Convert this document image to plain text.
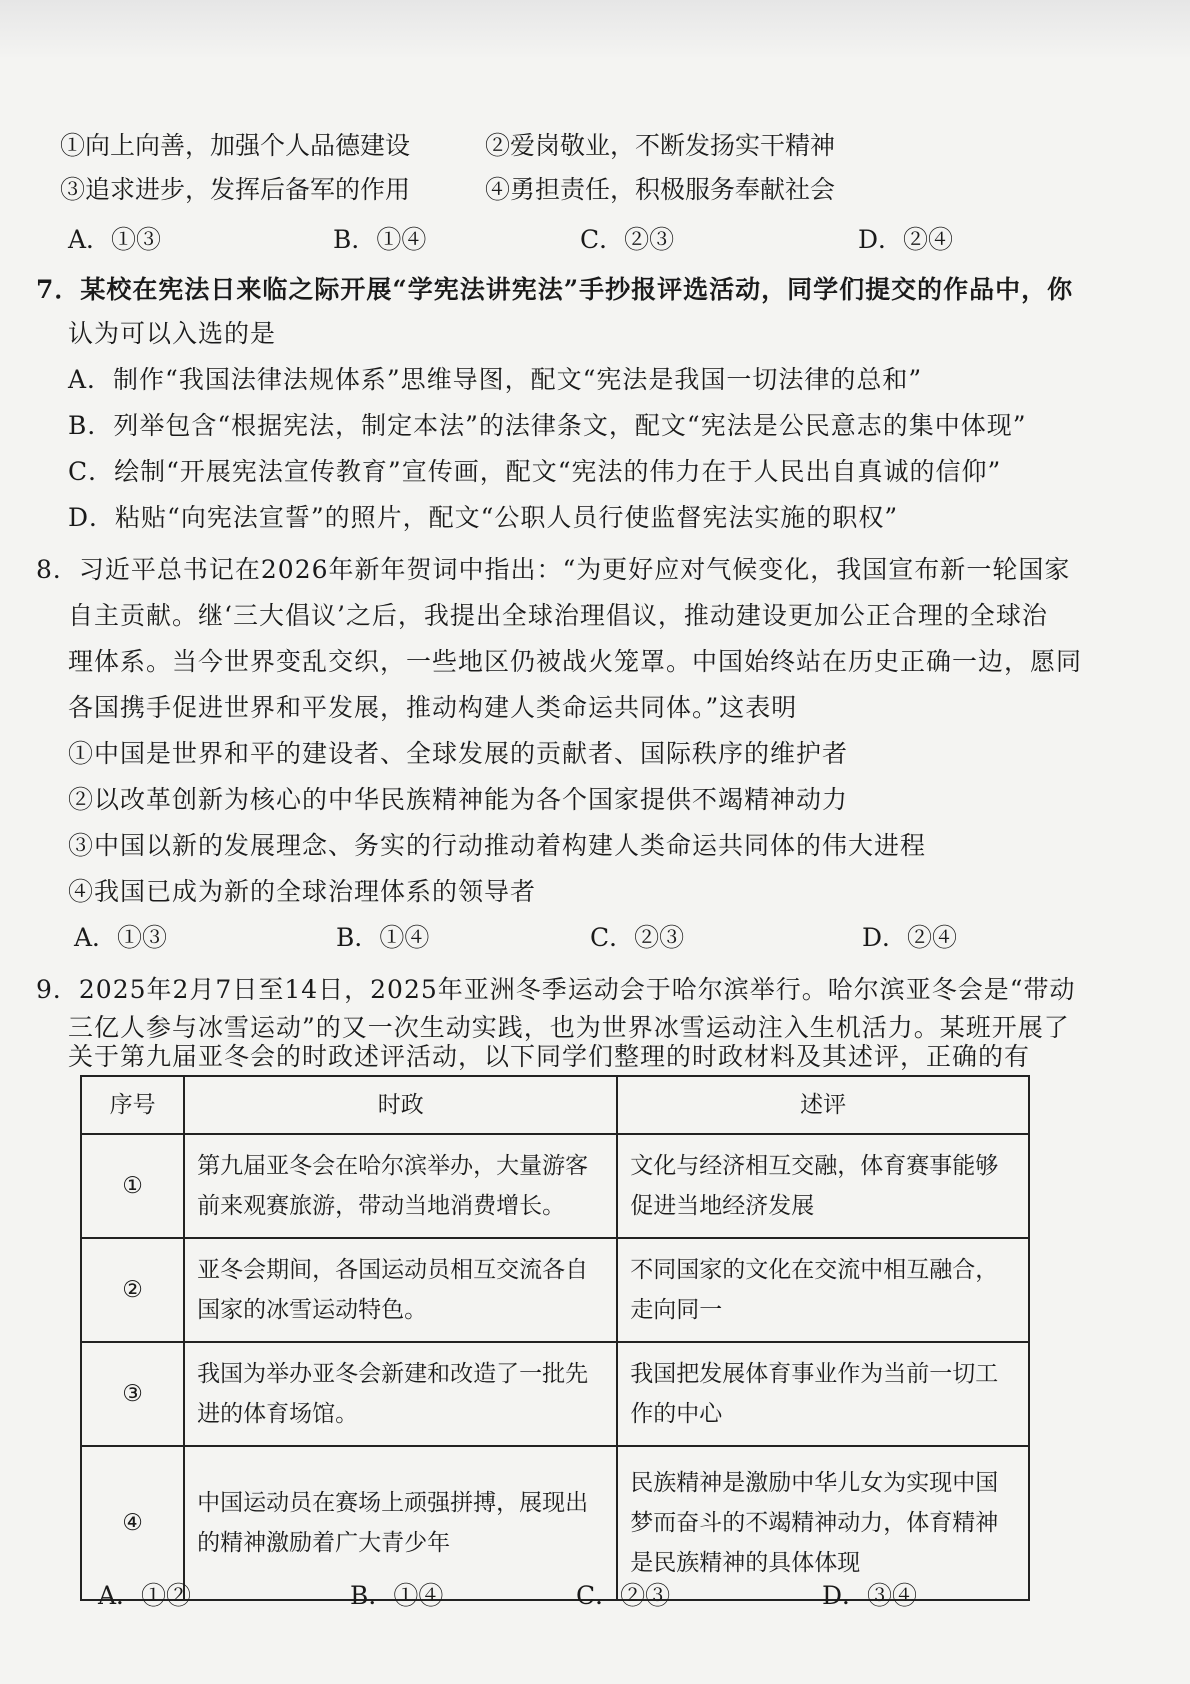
①向上向善，加强个人品德建设	②爱岗敬业，不断发扬实干精神
③追求进步，发挥后备军的作用	④勇担责任，积极服务奉献社会
A．①③	B．①④	C．②③	D．②④
7．某校在宪法日来临之际开展“学宪法讲宪法”手抄报评选活动，同学们提交的作品中，你
认为可以入选的是
A．制作“我国法律法规体系”思维导图，配文“宪法是我国一切法律的总和”
B．列举包含“根据宪法，制定本法”的法律条文，配文“宪法是公民意志的集中体现”
C．绘制“开展宪法宣传教育”宣传画，配文“宪法的伟力在于人民出自真诚的信仰”
D．粘贴“向宪法宣誓”的照片，配文“公职人员行使监督宪法实施的职权”
8．习近平总书记在2026年新年贺词中指出：“为更好应对气候变化，我国宣布新一轮国家
自主贡献。继‘三大倡议’之后，我提出全球治理倡议，推动建设更加公正合理的全球治
理体系。当今世界变乱交织，一些地区仍被战火笼罩。中国始终站在历史正确一边，愿同
各国携手促进世界和平发展，推动构建人类命运共同体。”这表明
①中国是世界和平的建设者、全球发展的贡献者、国际秩序的维护者
②以改革创新为核心的中华民族精神能为各个国家提供不竭精神动力
③中国以新的发展理念、务实的行动推动着构建人类命运共同体的伟大进程
④我国已成为新的全球治理体系的领导者
A．①③	B．①④	C．②③	D．②④
9．2025年2月7日至14日，2025年亚洲冬季运动会于哈尔滨举行。哈尔滨亚冬会是“带动
三亿人参与冰雪运动”的又一次生动实践，也为世界冰雪运动注入生机活力。某班开展了
关于第九届亚冬会的时政述评活动，以下同学们整理的时政材料及其述评，正确的有
序号	时政	述评
①	第九届亚冬会在哈尔滨举办，大量游客前来观赛旅游，带动当地消费增长。	文化与经济相互交融，体育赛事能够促进当地经济发展
②	亚冬会期间，各国运动员相互交流各自国家的冰雪运动特色。	不同国家的文化在交流中相互融合，走向同一
③	我国为举办亚冬会新建和改造了一批先进的体育场馆。	我国把发展体育事业作为当前一切工作的中心
④	中国运动员在赛场上顽强拼搏，展现出的精神激励着广大青少年	民族精神是激励中华儿女为实现中国梦而奋斗的不竭精神动力，体育精神是民族精神的具体体现
A．①②	B．①④	C．②③	D．③④
